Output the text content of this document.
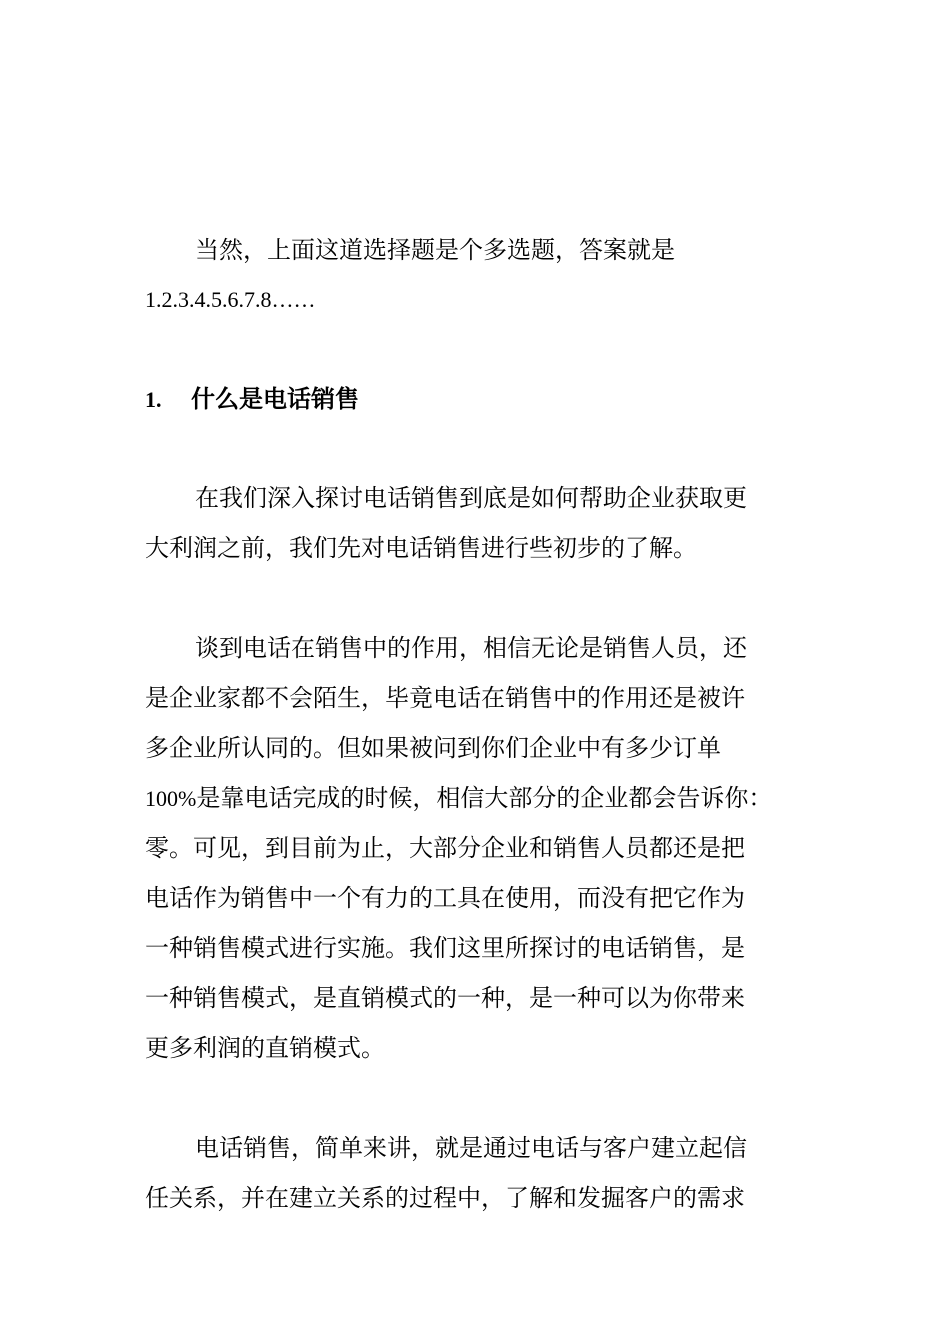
当然，上面这道选择题是个多选题，答案就是
1.2.3.4.5.6.7.8……
1. 什么是电话销售
在我们深入探讨电话销售到底是如何帮助企业获取更
大利润之前，我们先对电话销售进行些初步的了解。
谈到电话在销售中的作用，相信无论是销售人员，还
是企业家都不会陌生，毕竟电话在销售中的作用还是被许
多企业所认同的。但如果被问到你们企业中有多少订单
100%是靠电话完成的时候，相信大部分的企业都会告诉你：
零。可见，到目前为止，大部分企业和销售人员都还是把
电话作为销售中一个有力的工具在使用，而没有把它作为
一种销售模式进行实施。我们这里所探讨的电话销售，是
一种销售模式，是直销模式的一种，是一种可以为你带来
更多利润的直销模式。
电话销售，简单来讲，就是通过电话与客户建立起信
任关系，并在建立关系的过程中，了解和发掘客户的需求
